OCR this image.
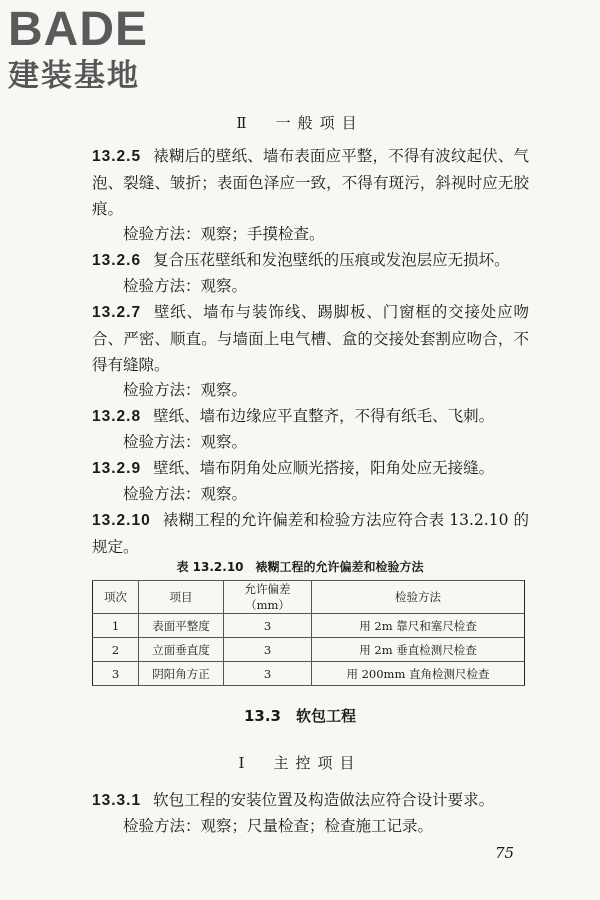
BADE
建装基地
Ⅱ　一般项目
13.2.5 裱糊后的壁纸、墙布表面应平整，不得有波纹起伏、气泡、裂缝、皱折；表面色泽应一致，不得有斑污，斜视时应无胶痕。
检验方法：观察；手摸检查。
13.2.6 复合压花壁纸和发泡壁纸的压痕或发泡层应无损坏。
检验方法：观察。
13.2.7 壁纸、墙布与装饰线、踢脚板、门窗框的交接处应吻合、严密、顺直。与墙面上电气槽、盒的交接处套割应吻合，不得有缝隙。
检验方法：观察。
13.2.8 壁纸、墙布边缘应平直整齐，不得有纸毛、飞刺。
检验方法：观察。
13.2.9 壁纸、墙布阴角处应顺光搭接，阳角处应无接缝。
检验方法：观察。
13.2.10 裱糊工程的允许偏差和检验方法应符合表 13.2.10 的规定。
表 13.2.10　裱糊工程的允许偏差和检验方法
项次	项目	允许偏差（mm）	检验方法
1	表面平整度	3	用 2m 靠尺和塞尺检查
2	立面垂直度	3	用 2m 垂直检测尺检查
3	阴阳角方正	3	用 200mm 直角检测尺检查
13.3　软包工程
Ⅰ　主控项目
13.3.1 软包工程的安装位置及构造做法应符合设计要求。
检验方法：观察；尺量检查；检查施工记录。
75
